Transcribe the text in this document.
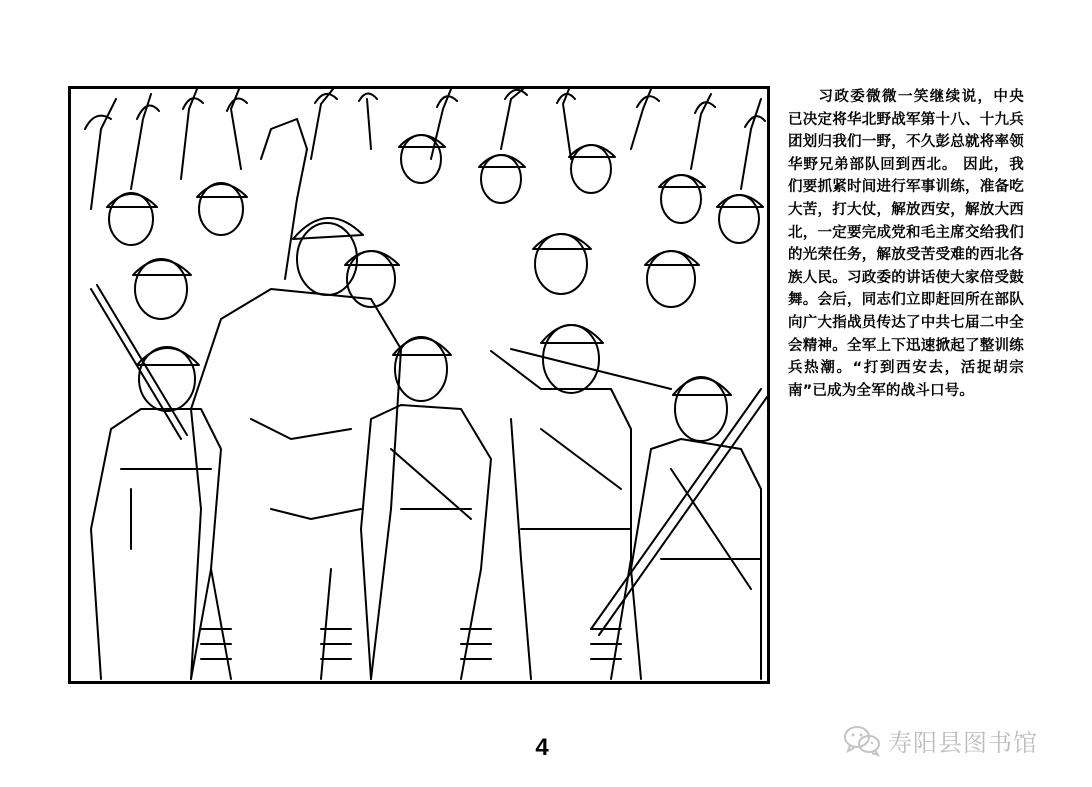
习政委微微一笑继续说，中央已决定将华北野战军第十八、十九兵团划归我们一野，不久彭总就将率领华野兄弟部队回到西北。 因此，我们要抓紧时间进行军事训练，准备吃大苦，打大仗，解放西安，解放大西北，一定要完成党和毛主席交给我们的光荣任务，解放受苦受难的西北各族人民。习政委的讲话使大家倍受鼓舞。会后，同志们立即赶回所在部队向广大指战员传达了中共七届二中全会精神。全军上下迅速掀起了整训练兵热潮。“打到西安去，活捉胡宗南”已成为全军的战斗口号。

4	寿阳县图书馆
